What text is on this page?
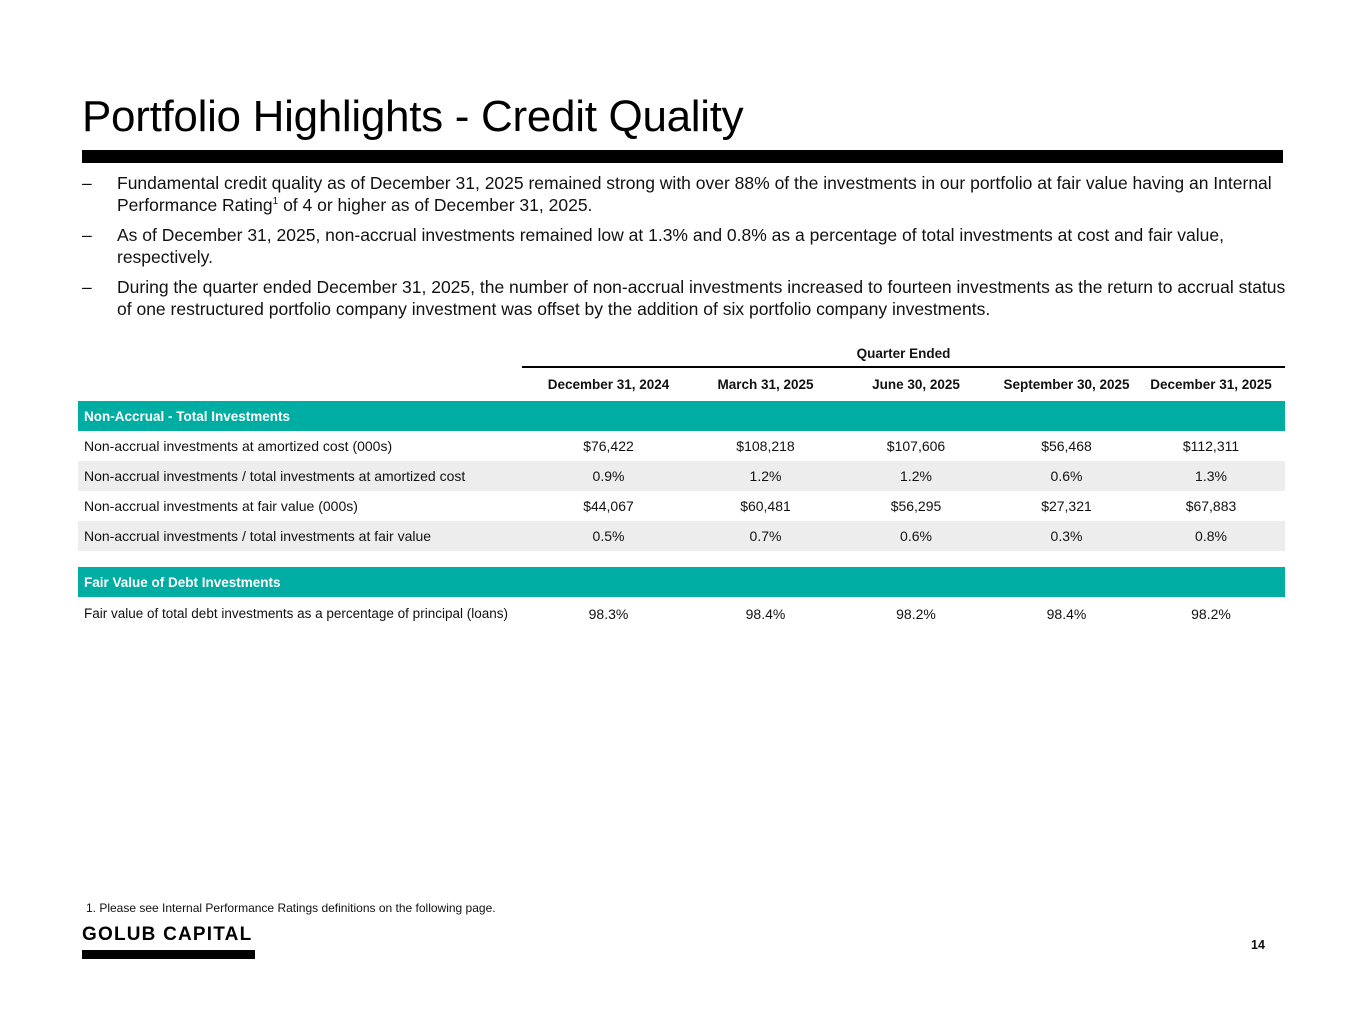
Portfolio Highlights - Credit Quality
– Fundamental credit quality as of December 31, 2025 remained strong with over 88% of the investments in our portfolio at fair value having an Internal Performance Rating$^1$ of 4 or higher as of December 31, 2025.
– As of December 31, 2025, non-accrual investments remained low at 1.3% and 0.8% as a percentage of total investments at cost and fair value, respectively.
– During the quarter ended December 31, 2025, the number of non-accrual investments increased to fourteen investments as the return to accrual status of one restructured portfolio company investment was offset by the addition of six portfolio company investments.
Quarter Ended
	December 31, 2024	March 31, 2025	June 30, 2025	September 30, 2025	December 31, 2025
Non-Accrual - Total Investments					
Non-accrual investments at amortized cost (000s)	$76,422	$108,218	$107,606	$56,468	$112,311
Non-accrual investments / total investments at amortized cost	0.9%	1.2%	1.2%	0.6%	1.3%
Non-accrual investments at fair value (000s)	$44,067	$60,481	$56,295	$27,321	$67,883
Non-accrual investments / total investments at fair value	0.5%	0.7%	0.6%	0.3%	0.8%

Fair Value of Debt Investments					
Fair value of total debt investments as a percentage of principal (loans)	98.3%	98.4%	98.2%	98.4%	98.2%
1. Please see Internal Performance Ratings definitions on the following page.
GOLUB CAPITAL	14
